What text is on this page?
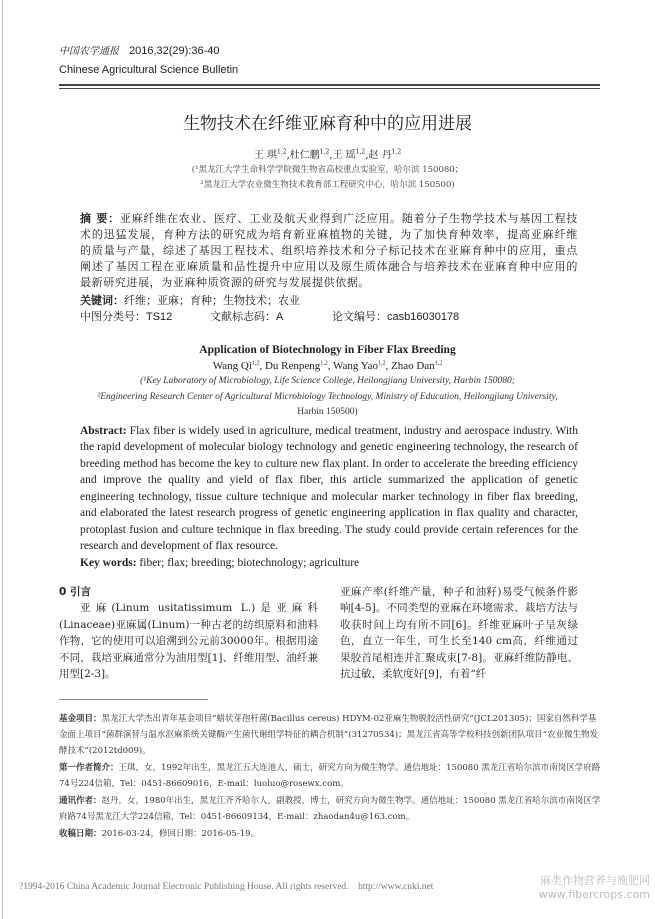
中国农学通报 2016,32(29):36-40
Chinese Agricultural Science Bulletin
生物技术在纤维亚麻育种中的应用进展
王 琪$^{1,2}$,杜仁鹏$^{1,2}$,王 瑶$^{1,2}$,赵 丹$^{1,2}$
(¹黑龙江大学生命科学学院微生物省高校重点实验室，哈尔滨 150080；
²黑龙江大学农业微生物技术教育部工程研究中心，哈尔滨 150500)
摘 要：亚麻纤维在农业、医疗、工业及航天业得到广泛应用。随着分子生物学技术与基因工程技术的迅猛发展，育种方法的研究成为培育新亚麻植物的关键，为了加快育种效率，提高亚麻纤维的质量与产量，综述了基因工程技术、组织培养技术和分子标记技术在亚麻育种中的应用，重点阐述了基因工程在亚麻质量和品性提升中应用以及原生质体融合与培养技术在亚麻育种中应用的最新研究进展，为亚麻种质资源的研究与发展提供依据。
关键词：纤维；亚麻；育种；生物技术；农业
中图分类号：TS12	文献标志码：A	论文编号：casb16030178
Application of Biotechnology in Fiber Flax Breeding
Wang Qi$^{1,2}$, Du Renpeng$^{1,2}$, Wang Yao$^{1,2}$, Zhao Dan$^{1,2}$
(¹Key Laboratory of Microbiology, Life Science College, Heilongjiang University, Harbin 150080;
²Engineering Research Center of Agricultural Microbiology Technology, Ministry of Education, Heilongjiang University,
Harbin 150500)
Abstract: Flax fiber is widely used in agriculture, medical treatment, industry and aerospace industry. With the rapid development of molecular biology technology and genetic engineering technology, the research of breeding method has become the key to culture new flax plant. In order to accelerate the breeding efficiency and improve the quality and yield of flax fiber, this article summarized the application of genetic engineering technology, tissue culture technique and molecular marker technology in fiber flax breeding, and elaborated the latest research progress of genetic engineering application in flax quality and character, protoplast fusion and culture technique in flax breeding. The study could provide certain references for the research and development of flax resource.
Key words: fiber; flax; breeding; biotechnology; agriculture
0 引言
亚麻(Linum usitatissimum L.)是亚麻科(Linaceae)亚麻属(Linum)一种古老的纺织原料和油料作物，它的使用可以追溯到公元前30000年。根据用途不同，栽培亚麻通常分为油用型[1]、纤维用型、油纤兼用型[2-3]。
亚麻产率(纤维产量，种子和油籽)易受气候条件影响[4-5]。不同类型的亚麻在环境需求、栽培方法与收获时间上均有所不同[6]。纤维亚麻叶子呈灰绿色，直立一年生，可生长至140 cm高，纤维通过果胶首尾相连并汇聚成束[7-8]。亚麻纤维防静电、抗过敏，柔软度好[9]，有着“纤
基金项目：黑龙江大学杰出青年基金项目“蜡状芽孢杆菌(Bacillus cereus) HDYM-02亚麻生物脱胶活性研究”(JCL201305)；国家自然科学基金面上项目“菌群演替与温水沤麻系统关键酶产生菌代谢组学特征的耦合机制”(31270534)；黑龙江省高等学校科技创新团队项目“农业微生物发酵技术”(2012td009)。
第一作者简介：王琪，女，1992年出生，黑龙江五大连池人，硕士，研究方向为微生物学。通信地址：150080 黑龙江省哈尔滨市南岗区学府路74号224信箱，Tel：0451-86609016，E-mail：luoluo@rosewx.com。
通讯作者：赵丹，女，1980年出生，黑龙江齐齐哈尔人，副教授，博士，研究方向为微生物学。通信地址：150080 黑龙江省哈尔滨市南岗区学府路74号黑龙江大学224信箱，Tel：0451-86609134，E-mail：zhaodan4u@163.com。
收稿日期：2016-03-24，修回日期：2016-05-19。
?1994-2016 China Academic Journal Electronic Publishing House. All rights reserved.    http://www.cnki.net	麻类作物营养与施肥网
www.fibercrops.com
